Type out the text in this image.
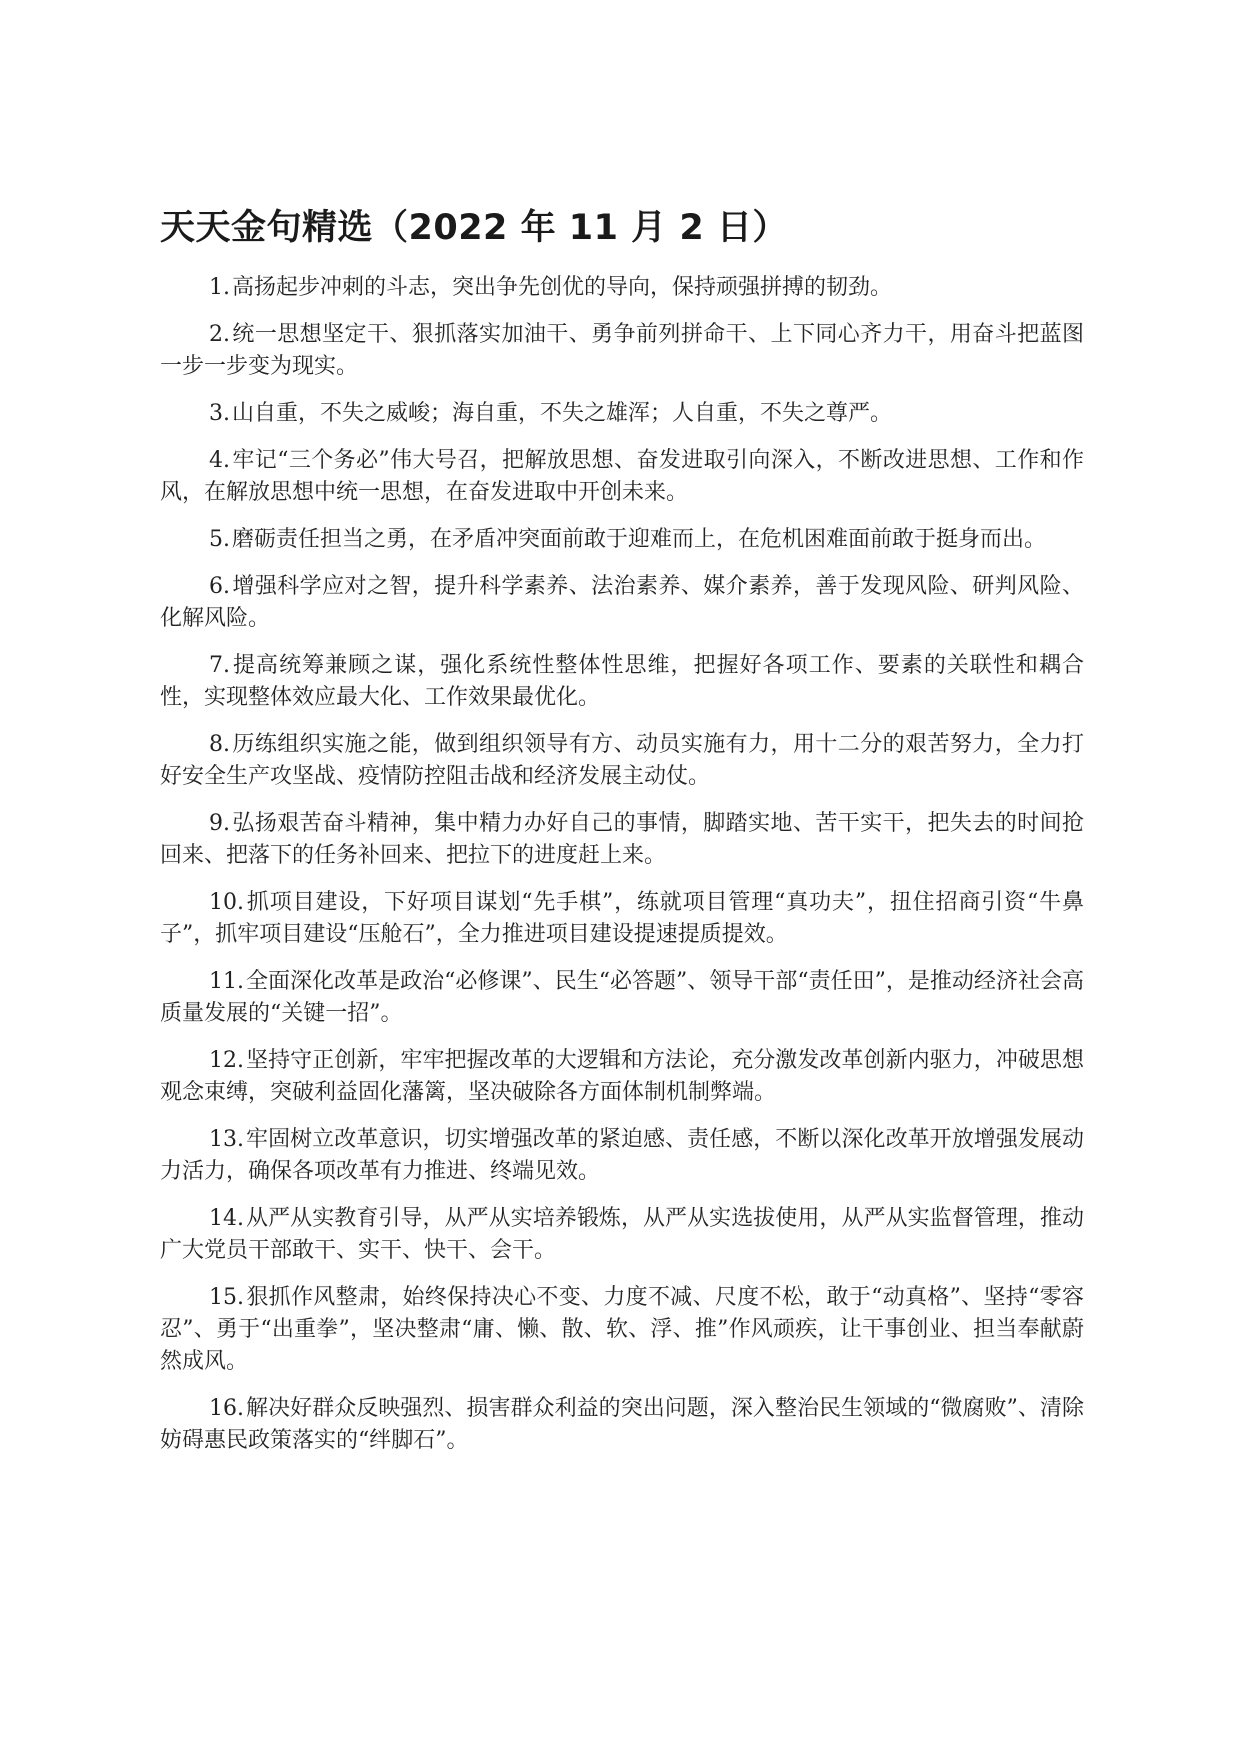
天天金句精选（2022 年 11 月 2 日）

1.高扬起步冲刺的斗志，突出争先创优的导向，保持顽强拼搏的韧劲。

2.统一思想坚定干、狠抓落实加油干、勇争前列拼命干、上下同心齐力干，用奋斗把蓝图一步一步变为现实。

3.山自重，不失之威峻；海自重，不失之雄浑；人自重，不失之尊严。

4.牢记“三个务必”伟大号召，把解放思想、奋发进取引向深入，不断改进思想、工作和作风，在解放思想中统一思想，在奋发进取中开创未来。

5.磨砺责任担当之勇，在矛盾冲突面前敢于迎难而上，在危机困难面前敢于挺身而出。

6.增强科学应对之智，提升科学素养、法治素养、媒介素养，善于发现风险、研判风险、化解风险。

7.提高统筹兼顾之谋，强化系统性整体性思维，把握好各项工作、要素的关联性和耦合性，实现整体效应最大化、工作效果最优化。

8.历练组织实施之能，做到组织领导有方、动员实施有力，用十二分的艰苦努力，全力打好安全生产攻坚战、疫情防控阻击战和经济发展主动仗。

9.弘扬艰苦奋斗精神，集中精力办好自己的事情，脚踏实地、苦干实干，把失去的时间抢回来、把落下的任务补回来、把拉下的进度赶上来。

10.抓项目建设，下好项目谋划“先手棋”，练就项目管理“真功夫”，扭住招商引资“牛鼻子”，抓牢项目建设“压舱石”，全力推进项目建设提速提质提效。

11.全面深化改革是政治“必修课”、民生“必答题”、领导干部“责任田”，是推动经济社会高质量发展的“关键一招”。

12.坚持守正创新，牢牢把握改革的大逻辑和方法论，充分激发改革创新内驱力，冲破思想观念束缚，突破利益固化藩篱，坚决破除各方面体制机制弊端。

13.牢固树立改革意识，切实增强改革的紧迫感、责任感，不断以深化改革开放增强发展动力活力，确保各项改革有力推进、终端见效。

14.从严从实教育引导，从严从实培养锻炼，从严从实选拔使用，从严从实监督管理，推动广大党员干部敢干、实干、快干、会干。

15.狠抓作风整肃，始终保持决心不变、力度不减、尺度不松，敢于“动真格”、坚持“零容忍”、勇于“出重拳”，坚决整肃“庸、懒、散、软、浮、推”作风顽疾，让干事创业、担当奉献蔚然成风。

16.解决好群众反映强烈、损害群众利益的突出问题，深入整治民生领域的“微腐败”、清除妨碍惠民政策落实的“绊脚石”。
